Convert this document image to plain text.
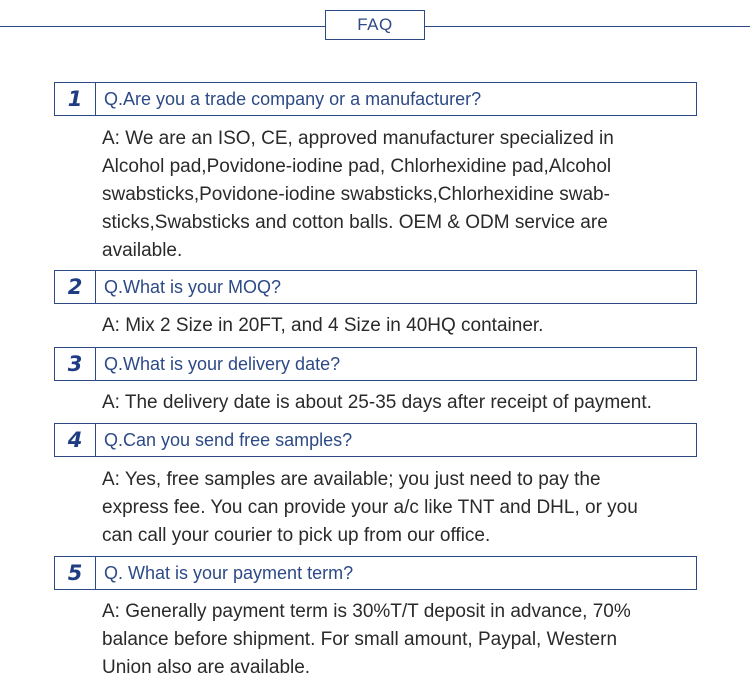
FAQ
1	Q.Are you a trade company or a manufacturer?
A: We are an ISO, CE, approved manufacturer specialized in
Alcohol pad,Povidone-iodine pad, Chlorhexidine pad,Alcohol
swabsticks,Povidone-iodine swabsticks,Chlorhexidine swab-
sticks,Swabsticks and cotton balls. OEM & ODM service are
available.
2	Q.What is your MOQ?
A: Mix 2 Size in 20FT, and 4 Size in 40HQ container.
3	Q.What is your delivery date?
A: The delivery date is about 25-35 days after receipt of payment.
4	Q.Can you send free samples?
A: Yes, free samples are available; you just need to pay the
express fee. You can provide your a/c like TNT and DHL, or you
can call your courier to pick up from our office.
5	Q. What is your payment term?
A: Generally payment term is 30%T/T deposit in advance, 70%
balance before shipment. For small amount, Paypal, Western
Union also are available.
